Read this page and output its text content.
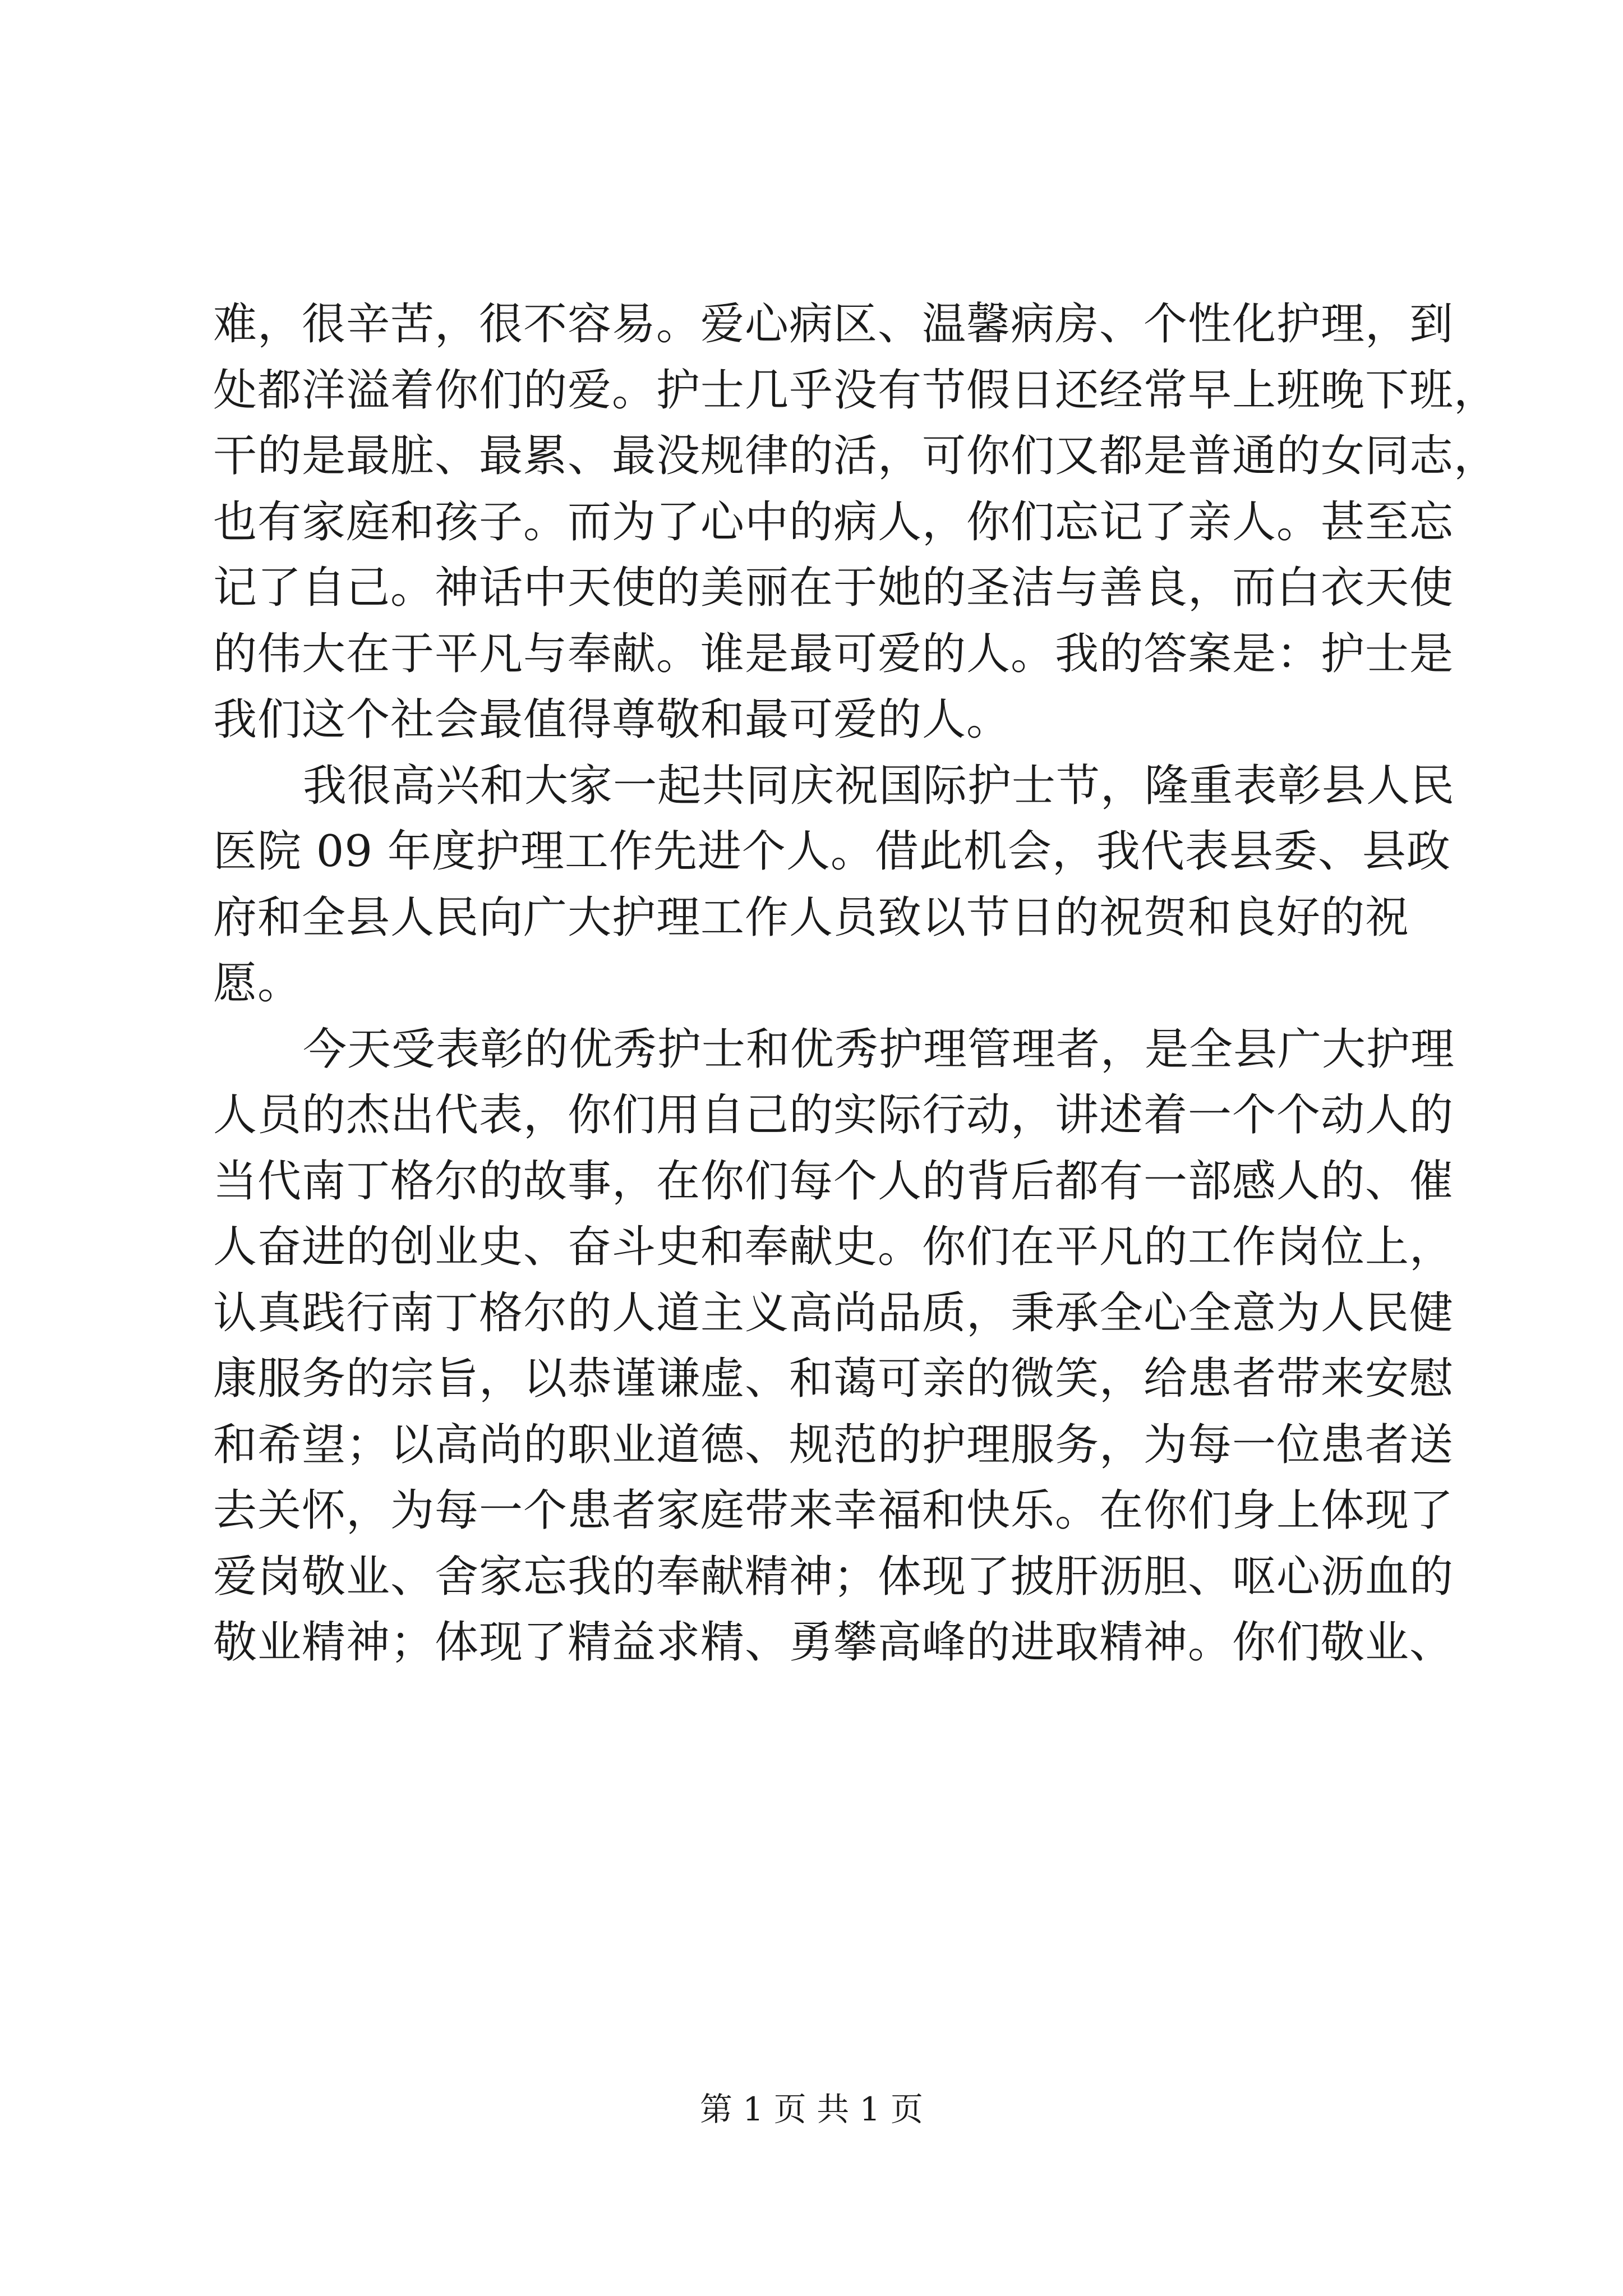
难，很辛苦，很不容易。爱心病区、温馨病房、个性化护理，到
处都洋溢着你们的爱。护士几乎没有节假日还经常早上班晚下班，
干的是最脏、最累、最没规律的活，可你们又都是普通的女同志，
也有家庭和孩子。而为了心中的病人，你们忘记了亲人。甚至忘
记了自己。神话中天使的美丽在于她的圣洁与善良，而白衣天使
的伟大在于平凡与奉献。谁是最可爱的人。我的答案是：护士是
我们这个社会最值得尊敬和最可爱的人。
我很高兴和大家一起共同庆祝国际护士节，隆重表彰县人民
医院 09 年度护理工作先进个人。借此机会，我代表县委、县政
府和全县人民向广大护理工作人员致以节日的祝贺和良好的祝
愿。
今天受表彰的优秀护士和优秀护理管理者，是全县广大护理
人员的杰出代表，你们用自己的实际行动，讲述着一个个动人的
当代南丁格尔的故事，在你们每个人的背后都有一部感人的、催
人奋进的创业史、奋斗史和奉献史。你们在平凡的工作岗位上，
认真践行南丁格尔的人道主义高尚品质，秉承全心全意为人民健
康服务的宗旨，以恭谨谦虚、和蔼可亲的微笑，给患者带来安慰
和希望；以高尚的职业道德、规范的护理服务，为每一位患者送
去关怀，为每一个患者家庭带来幸福和快乐。在你们身上体现了
爱岗敬业、舍家忘我的奉献精神；体现了披肝沥胆、呕心沥血的
敬业精神；体现了精益求精、勇攀高峰的进取精神。你们敬业、
第 1 页 共 1 页
